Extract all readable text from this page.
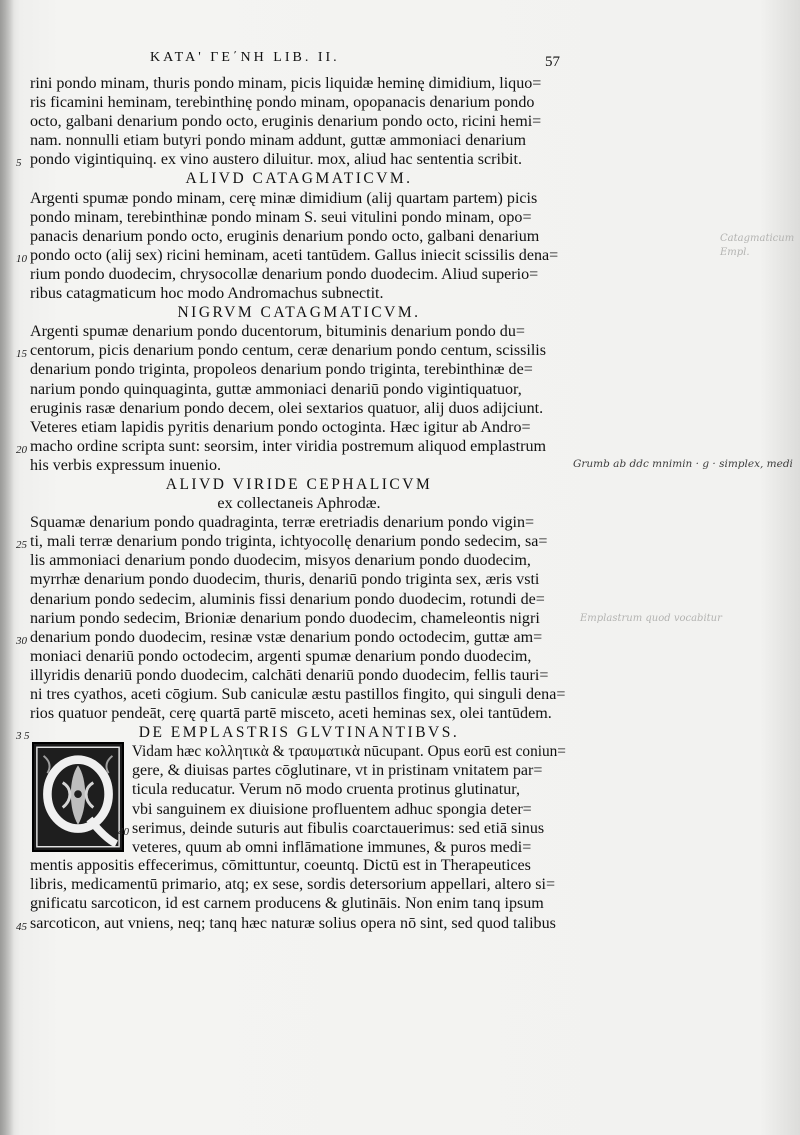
ΚΑΤΑ' ΓΕ΄ΝΗ LIB. II.	57
rini pondo minam, thuris pondo minam, picis liquidæ heminę dimidium, liquo=
ris ficamini heminam, terebinthinę pondo minam, opopanacis denarium pondo
octo, galbani denarium pondo octo, eruginis denarium pondo octo, ricini hemi=
nam. nonnulli etiam butyri pondo minam addunt, guttæ ammoniaci denarium
5 pondo vigintiquinq. ex vino austero diluitur. mox, aliud hac sententia scribit.
ALIVD CATAGMATICVM.
Argenti spumæ pondo minam, cerę minæ dimidium (alij quartam partem) picis
pondo minam, terebinthinæ pondo minam S. seui vitulini pondo minam, opo=
panacis denarium pondo octo, eruginis denarium pondo octo, galbani denarium
10 pondo octo (alij sex) ricini heminam, aceti tantūdem. Gallus iniecit scissilis dena=
rium pondo duodecim, chrysocollæ denarium pondo duodecim. Aliud superio=
ribus catagmaticum hoc modo Andromachus subnectit.
NIGRVM CATAGMATICVM.
Argenti spumæ denarium pondo ducentorum, bituminis denarium pondo du=
15 centorum, picis denarium pondo centum, ceræ denarium pondo centum, scissilis
denarium pondo triginta, propoleos denarium pondo triginta, terebinthinæ de=
narium pondo quinquaginta, guttæ ammoniaci denariū pondo vigintiquatuor,
eruginis rasæ denarium pondo decem, olei sextarios quatuor, alij duos adijciunt.
Veteres etiam lapidis pyritis denarium pondo octoginta. Hæc igitur ab Andro=
20 macho ordine scripta sunt: seorsim, inter viridia postremum aliquod emplastrum
his verbis expressum inuenio.
ALIVD VIRIDE CEPHALICVM
ex collectaneis Aphrodæ.
Squamæ denarium pondo quadraginta, terræ eretriadis denarium pondo vigin=
25 ti, mali terræ denarium pondo triginta, ichtyocollę denarium pondo sedecim, sa=
lis ammoniaci denarium pondo duodecim, misyos denarium pondo duodecim,
myrrhæ denarium pondo duodecim, thuris, denariū pondo triginta sex, æris vsti
denarium pondo sedecim, aluminis fissi denarium pondo duodecim, rotundi de=
narium pondo sedecim, Brioniæ denarium pondo duodecim, chameleontis nigri
30 denarium pondo duodecim, resinæ vstæ denarium pondo octodecim, guttæ am=
moniaci denariū pondo octodecim, argenti spumæ denarium pondo duodecim,
illyridis denariū pondo duodecim, calchāti denariū pondo duodecim, fellis tauri=
ni tres cyathos, aceti cōgium. Sub caniculæ æstu pastillos fingito, qui singuli dena=
rios quatuor pendeāt, cerę quartā partē misceto, aceti heminas sex, olei tantūdem.
35	DE EMPLASTRIS GLVTINANTIBVS.
Vidam hæc κολλητικὰ & τραυματικὰ nūcupant. Opus eorū est coniun=
gere, & diuisas partes cōglutinare, vt in pristinam vnitatem par=
ticula reducatur. Verum nō modo cruenta protinus glutinatur,
vbi sanguinem ex diuisione profluentem adhuc spongia deter=
40 serimus, deinde suturis aut fibulis coarctauerimus: sed etiā sinus
veteres, quum ab omni inflāmatione immunes, & puros medi=
mentis appositis effecerimus, cōmittuntur, coeuntq. Dictū est in Therapeutices
libris, medicamentū primario, atq; ex sese, sordis detersorium appellari, altero si=
gnificatu sarcoticon, id est carnem producens & glutināis. Non enim tanq ipsum
45 sarcoticon, aut vniens, neq; tanq hæc naturæ solius opera nō sint, sed quod talibus
Grumb ab ddc mnimin · g · simplex, medi
Catagmaticum Empl.
Emplastrum quod vocabitur
